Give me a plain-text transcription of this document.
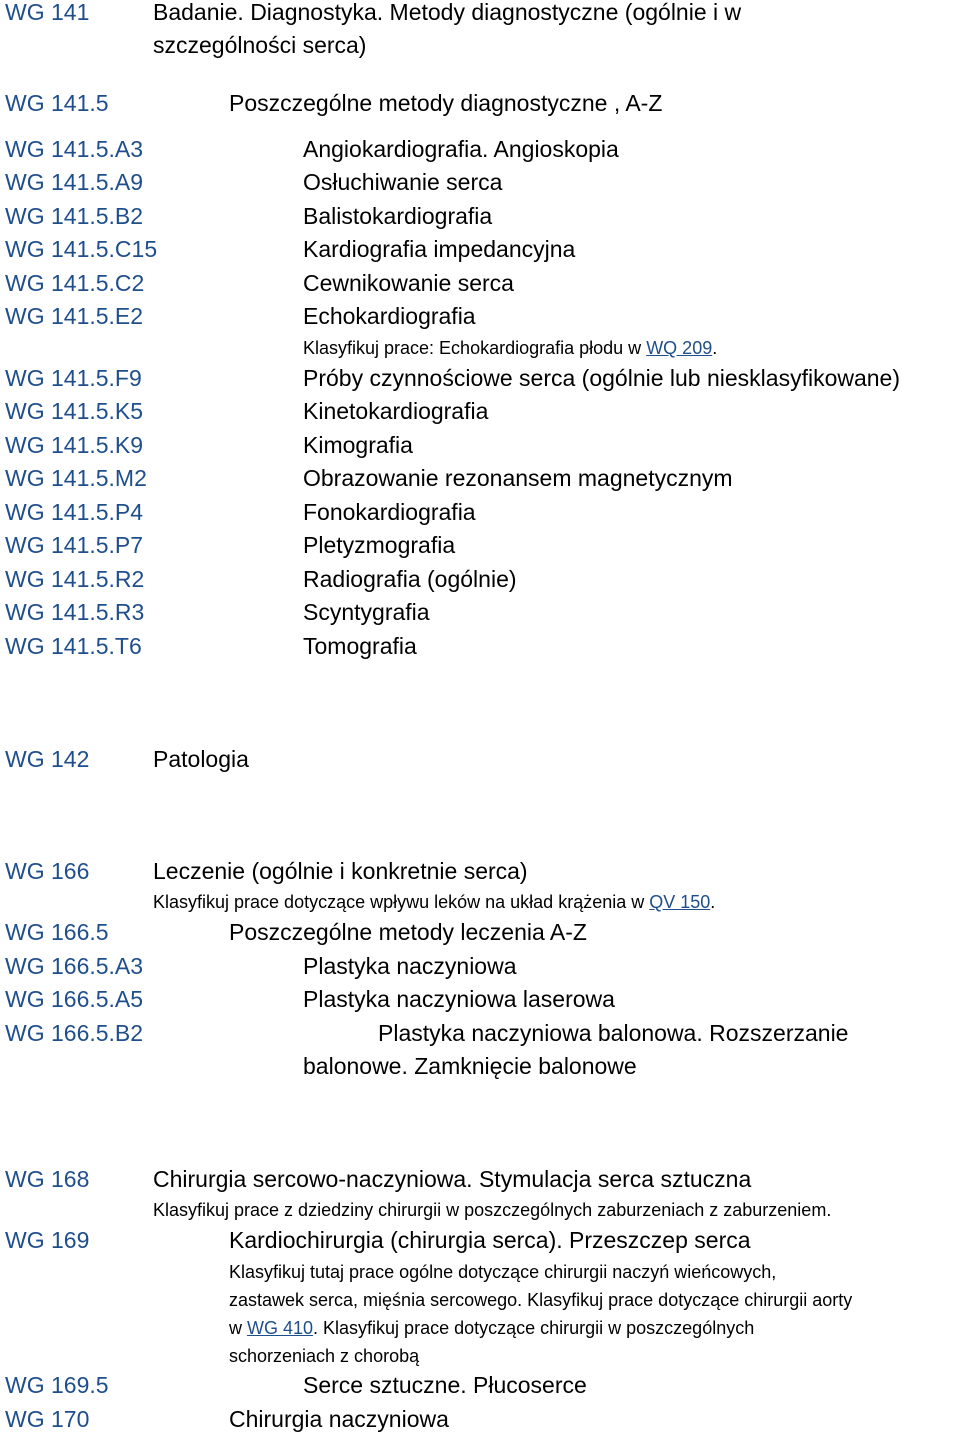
WG 141	Badanie. Diagnostyka. Metody diagnostyczne (ogólnie i w
szczególności serca)
WG 141.5	Poszczególne metody diagnostyczne , A-Z
WG 141.5.A3	Angiokardiografia. Angioskopia
WG 141.5.A9	Osłuchiwanie serca
WG 141.5.B2	Balistokardiografia
WG 141.5.C15	Kardiografia impedancyjna
WG 141.5.C2	Cewnikowanie serca
WG 141.5.E2	Echokardiografia
Klasyfikuj prace: Echokardiografia płodu w WQ 209.
WG 141.5.F9	Próby czynnościowe serca (ogólnie lub niesklasyfikowane)
WG 141.5.K5	Kinetokardiografia
WG 141.5.K9	Kimografia
WG 141.5.M2	Obrazowanie rezonansem magnetycznym
WG 141.5.P4	Fonokardiografia
WG 141.5.P7	Pletyzmografia
WG 141.5.R2	Radiografia (ogólnie)
WG 141.5.R3	Scyntygrafia
WG 141.5.T6	Tomografia
WG 142	Patologia
WG 166	Leczenie (ogólnie i konkretnie serca)
Klasyfikuj prace dotyczące wpływu leków na układ krążenia w QV 150.
WG 166.5	Poszczególne metody leczenia A-Z
WG 166.5.A3	Plastyka naczyniowa
WG 166.5.A5	Plastyka naczyniowa laserowa
WG 166.5.B2	Plastyka naczyniowa balonowa. Rozszerzanie
balonowe. Zamknięcie balonowe
WG 168	Chirurgia sercowo-naczyniowa. Stymulacja serca sztuczna
Klasyfikuj prace z dziedziny chirurgii w poszczególnych zaburzeniach z zaburzeniem.
WG 169	Kardiochirurgia (chirurgia serca). Przeszczep serca
Klasyfikuj tutaj prace ogólne dotyczące chirurgii naczyń wieńcowych,
zastawek serca, mięśnia sercowego. Klasyfikuj prace dotyczące chirurgii aorty
w WG 410. Klasyfikuj prace dotyczące chirurgii w poszczególnych
schorzeniach z chorobą
WG 169.5	Serce sztuczne. Płucoserce
WG 170	Chirurgia naczyniowa
